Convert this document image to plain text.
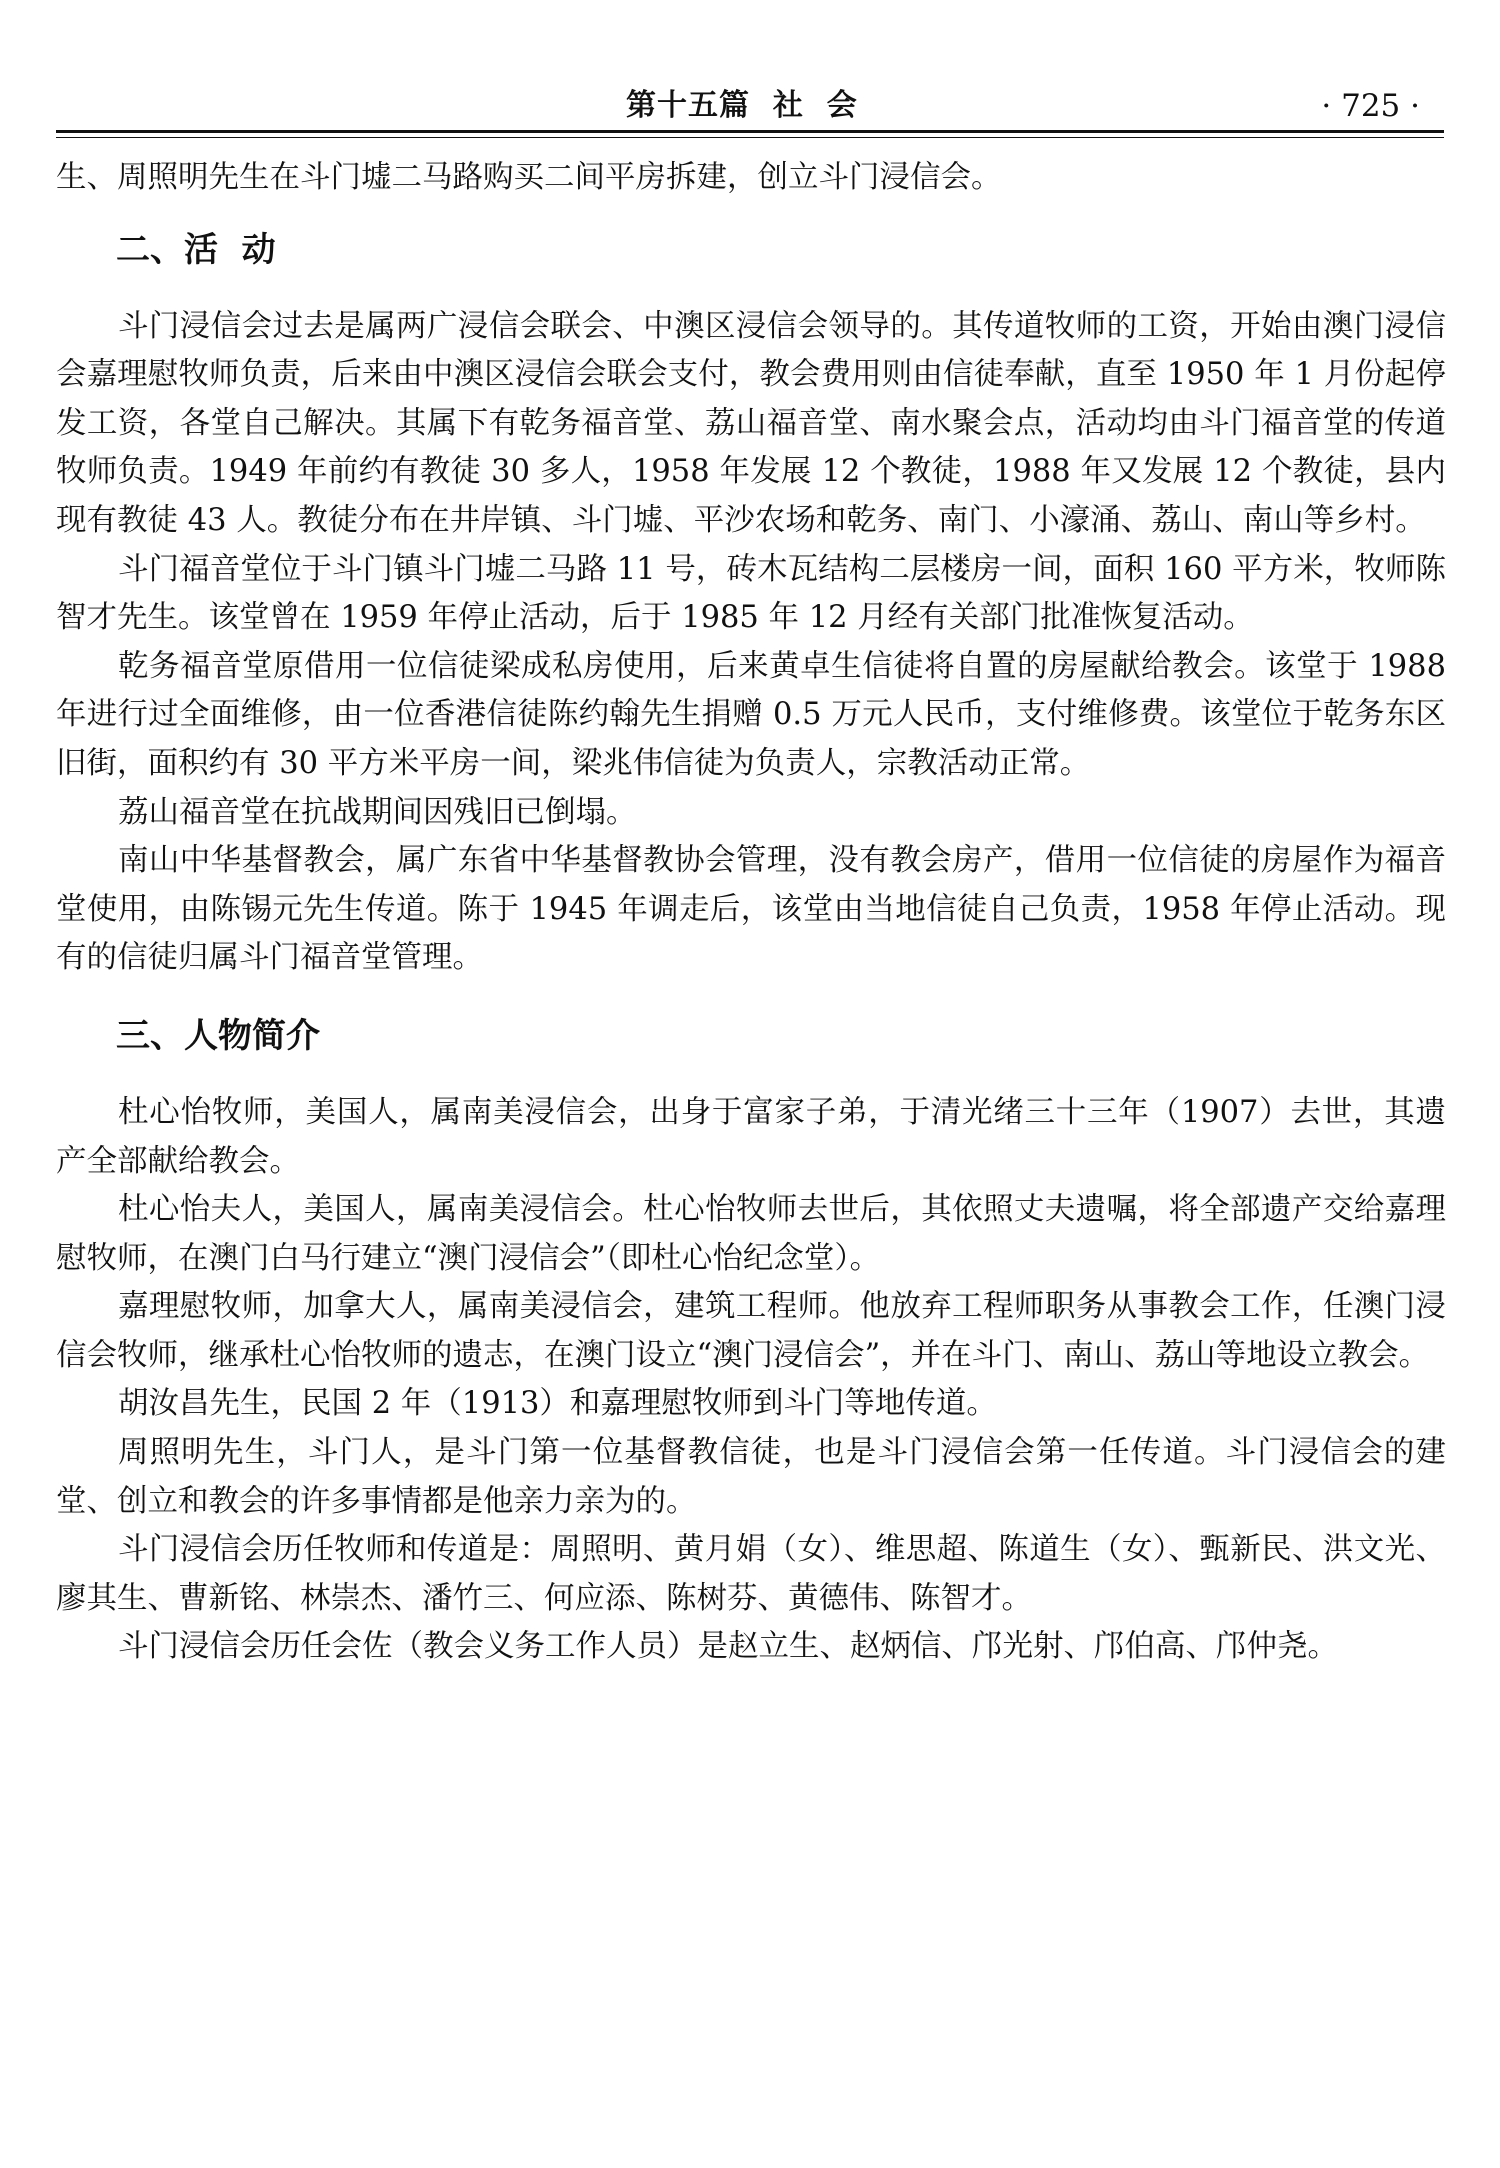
第十五篇  社  会	· 725 ·

生、周照明先生在斗门墟二马路购买二间平房拆建，创立斗门浸信会。

二、活  动

斗门浸信会过去是属两广浸信会联会、中澳区浸信会领导的。其传道牧师的工资，开始由澳门浸信会嘉理慰牧师负责，后来由中澳区浸信会联会支付，教会费用则由信徒奉献，直至 1950 年 1 月份起停发工资，各堂自己解决。其属下有乾务福音堂、荔山福音堂、南水聚会点，活动均由斗门福音堂的传道牧师负责。1949 年前约有教徒 30 多人，1958 年发展 12 个教徒，1988 年又发展 12 个教徒，县内现有教徒 43 人。教徒分布在井岸镇、斗门墟、平沙农场和乾务、南门、小濠涌、荔山、南山等乡村。

斗门福音堂位于斗门镇斗门墟二马路 11 号，砖木瓦结构二层楼房一间，面积 160 平方米，牧师陈智才先生。该堂曾在 1959 年停止活动，后于 1985 年 12 月经有关部门批准恢复活动。

乾务福音堂原借用一位信徒梁成私房使用，后来黄卓生信徒将自置的房屋献给教会。该堂于 1988 年进行过全面维修，由一位香港信徒陈约翰先生捐赠 0.5 万元人民币，支付维修费。该堂位于乾务东区旧街，面积约有 30 平方米平房一间，梁兆伟信徒为负责人，宗教活动正常。

荔山福音堂在抗战期间因残旧已倒塌。

南山中华基督教会，属广东省中华基督教协会管理，没有教会房产，借用一位信徒的房屋作为福音堂使用，由陈锡元先生传道。陈于 1945 年调走后，该堂由当地信徒自己负责，1958 年停止活动。现有的信徒归属斗门福音堂管理。

三、人物简介

杜心怡牧师，美国人，属南美浸信会，出身于富家子弟，于清光绪三十三年（1907）去世，其遗产全部献给教会。

杜心怡夫人，美国人，属南美浸信会。杜心怡牧师去世后，其依照丈夫遗嘱，将全部遗产交给嘉理慰牧师，在澳门白马行建立“澳门浸信会”（即杜心怡纪念堂）。

嘉理慰牧师，加拿大人，属南美浸信会，建筑工程师。他放弃工程师职务从事教会工作，任澳门浸信会牧师，继承杜心怡牧师的遗志，在澳门设立“澳门浸信会”，并在斗门、南山、荔山等地设立教会。

胡汝昌先生，民国 2 年（1913）和嘉理慰牧师到斗门等地传道。

周照明先生，斗门人，是斗门第一位基督教信徒，也是斗门浸信会第一任传道。斗门浸信会的建堂、创立和教会的许多事情都是他亲力亲为的。

斗门浸信会历任牧师和传道是：周照明、黄月娟（女）、维思超、陈道生（女）、甄新民、洪文光、廖其生、曹新铭、林崇杰、潘竹三、何应添、陈树芬、黄德伟、陈智才。

斗门浸信会历任会佐（教会义务工作人员）是赵立生、赵炳信、邝光射、邝伯高、邝仲尧。
